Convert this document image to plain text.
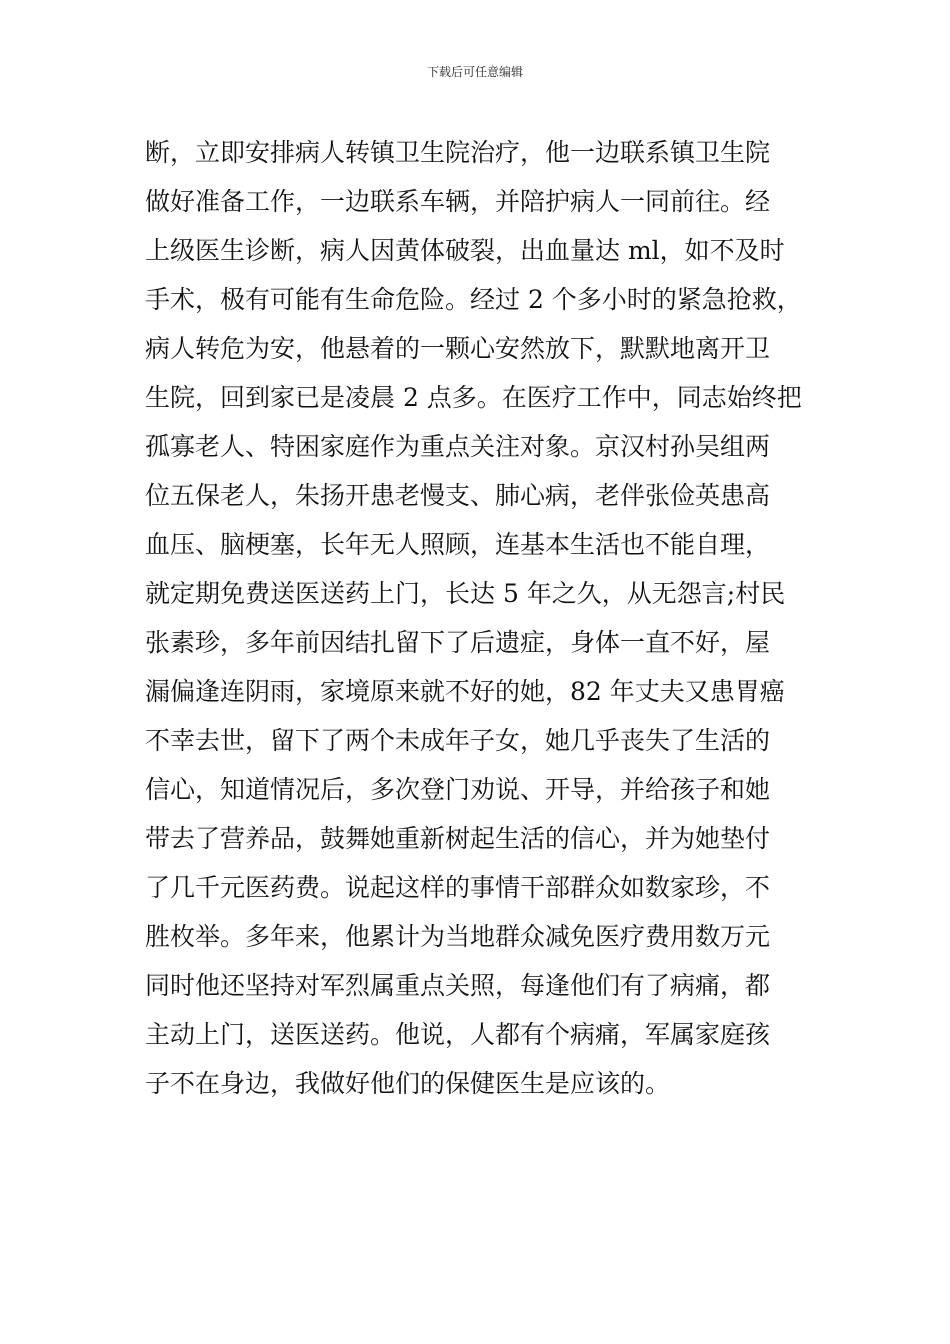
下载后可任意编辑
断，立即安排病人转镇卫生院治疗，他一边联系镇卫生院
做好准备工作，一边联系车辆，并陪护病人一同前往。经
上级医生诊断，病人因黄体破裂，出血量达 ml，如不及时
手术，极有可能有生命危险。经过 2 个多小时的紧急抢救，
病人转危为安，他悬着的一颗心安然放下，默默地离开卫
生院，回到家已是凌晨 2 点多。在医疗工作中，同志始终把
孤寡老人、特困家庭作为重点关注对象。京汉村孙吴组两
位五保老人，朱扬开患老慢支、肺心病，老伴张俭英患高
血压、脑梗塞，长年无人照顾，连基本生活也不能自理，
就定期免费送医送药上门，长达 5 年之久，从无怨言;村民
张素珍，多年前因结扎留下了后遗症，身体一直不好，屋
漏偏逢连阴雨，家境原来就不好的她，82 年丈夫又患胃癌
不幸去世，留下了两个未成年子女，她几乎丧失了生活的
信心，知道情况后，多次登门劝说、开导，并给孩子和她
带去了营养品，鼓舞她重新树起生活的信心，并为她垫付
了几千元医药费。说起这样的事情干部群众如数家珍，不
胜枚举。多年来，他累计为当地群众减免医疗费用数万元
同时他还坚持对军烈属重点关照，每逢他们有了病痛，都
主动上门，送医送药。他说，人都有个病痛，军属家庭孩
子不在身边，我做好他们的保健医生是应该的。
